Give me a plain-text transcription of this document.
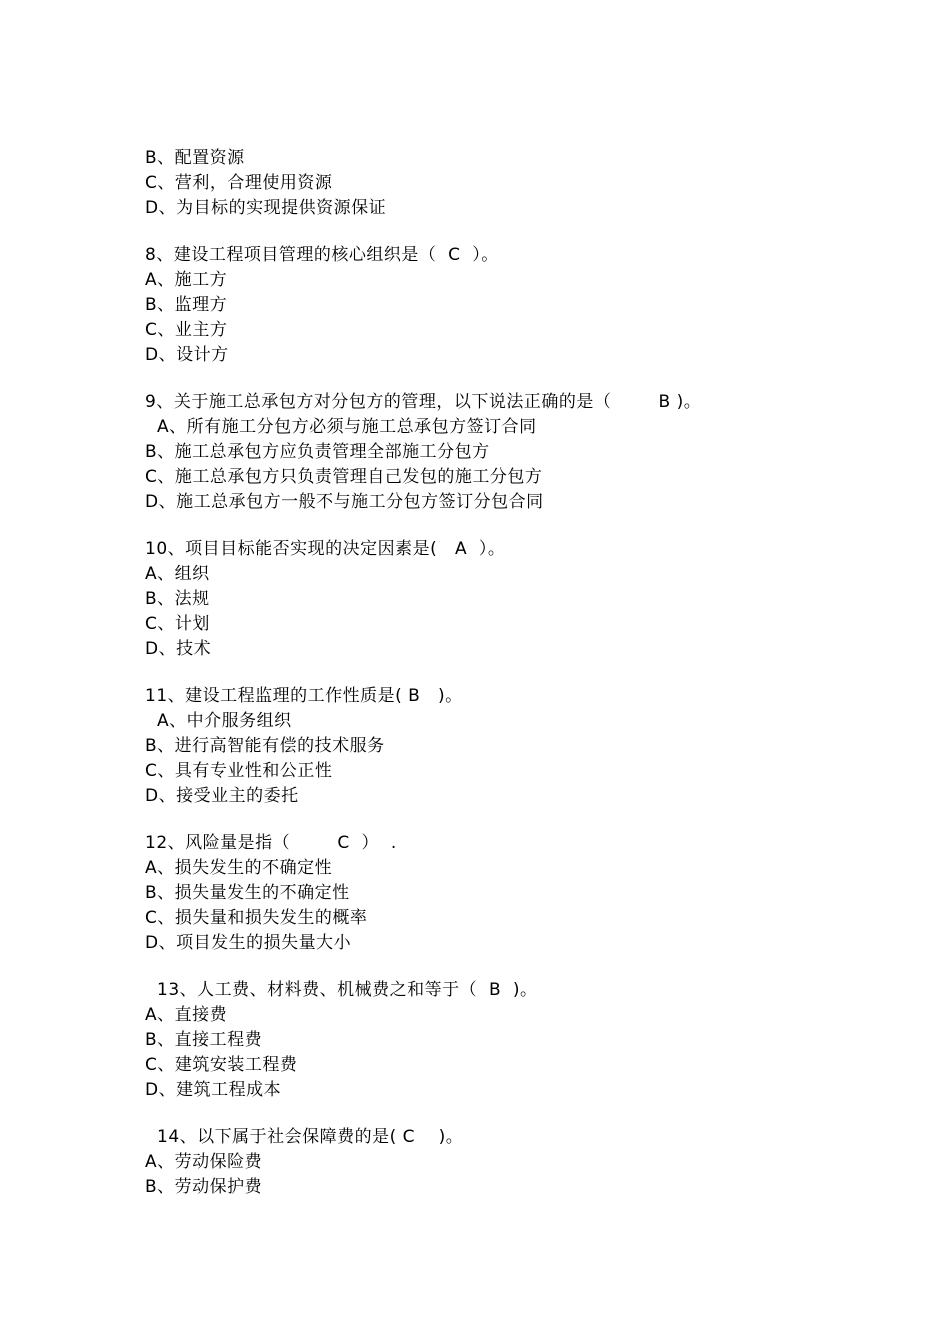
B、配置资源
C、营利，合理使用资源
D、为目标的实现提供资源保证
8、建设工程项目管理的核心组织是（  C  ）。
A、施工方
B、监理方
C、业主方
D、设计方
9、关于施工总承包方对分包方的管理，以下说法正确的是（        B )。
A、所有施工分包方必须与施工总承包方签订合同
B、施工总承包方应负责管理全部施工分包方
C、施工总承包方只负责管理自己发包的施工分包方
D、施工总承包方一般不与施工分包方签订分包合同
10、项目目标能否实现的决定因素是(   A  ）。
A、组织
B、法规
C、计划
D、技术
11、建设工程监理的工作性质是( B   )。
A、中介服务组织
B、进行高智能有偿的技术服务
C、具有专业性和公正性
D、接受业主的委托
12、风险量是指（        C  ）  .
A、损失发生的不确定性
B、损失量发生的不确定性
C、损失量和损失发生的概率
D、项目发生的损失量大小
13、人工费、材料费、机械费之和等于（  B  )。
A、直接费
B、直接工程费
C、建筑安装工程费
D、建筑工程成本
14、以下属于社会保障费的是( C    )。
A、劳动保险费
B、劳动保护费
